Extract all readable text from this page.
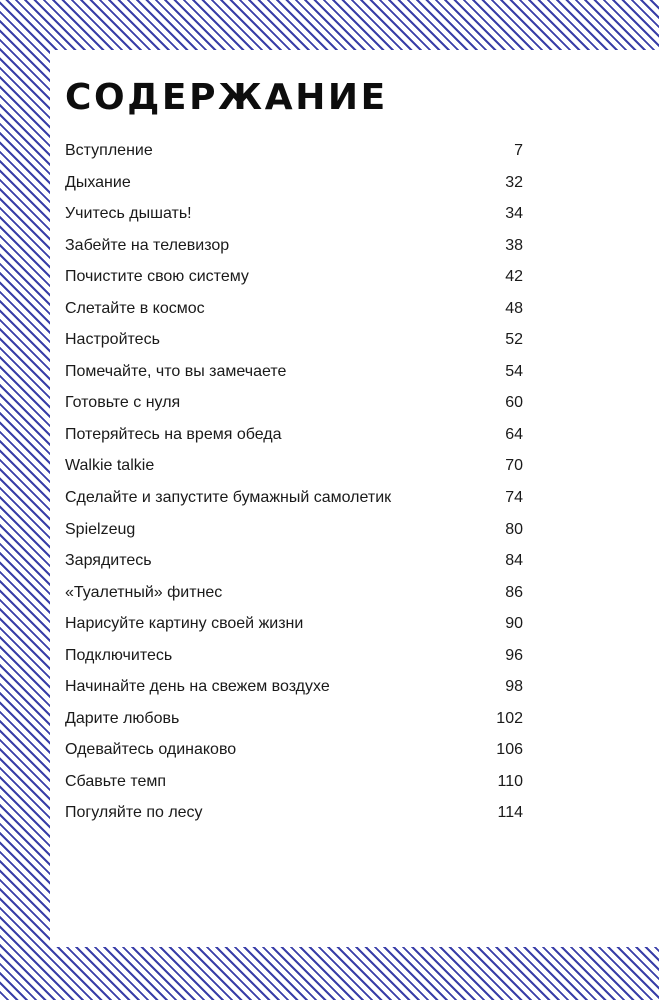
СОДЕРЖАНИЕ
Вступление	7
Дыхание	32
Учитесь дышать!	34
Забейте на телевизор	38
Почистите свою систему	42
Слетайте в космос	48
Настройтесь	52
Помечайте, что вы замечаете	54
Готовьте с нуля	60
Потеряйтесь на время обеда	64
Walkie talkie	70
Сделайте и запустите бумажный самолетик	74
Spielzeug	80
Зарядитесь	84
«Туалетный» фитнес	86
Нарисуйте картину своей жизни	90
Подключитесь	96
Начинайте день на свежем воздухе	98
Дарите любовь	102
Одевайтесь одинаково	106
Сбавьте темп	110
Погуляйте по лесу	114
